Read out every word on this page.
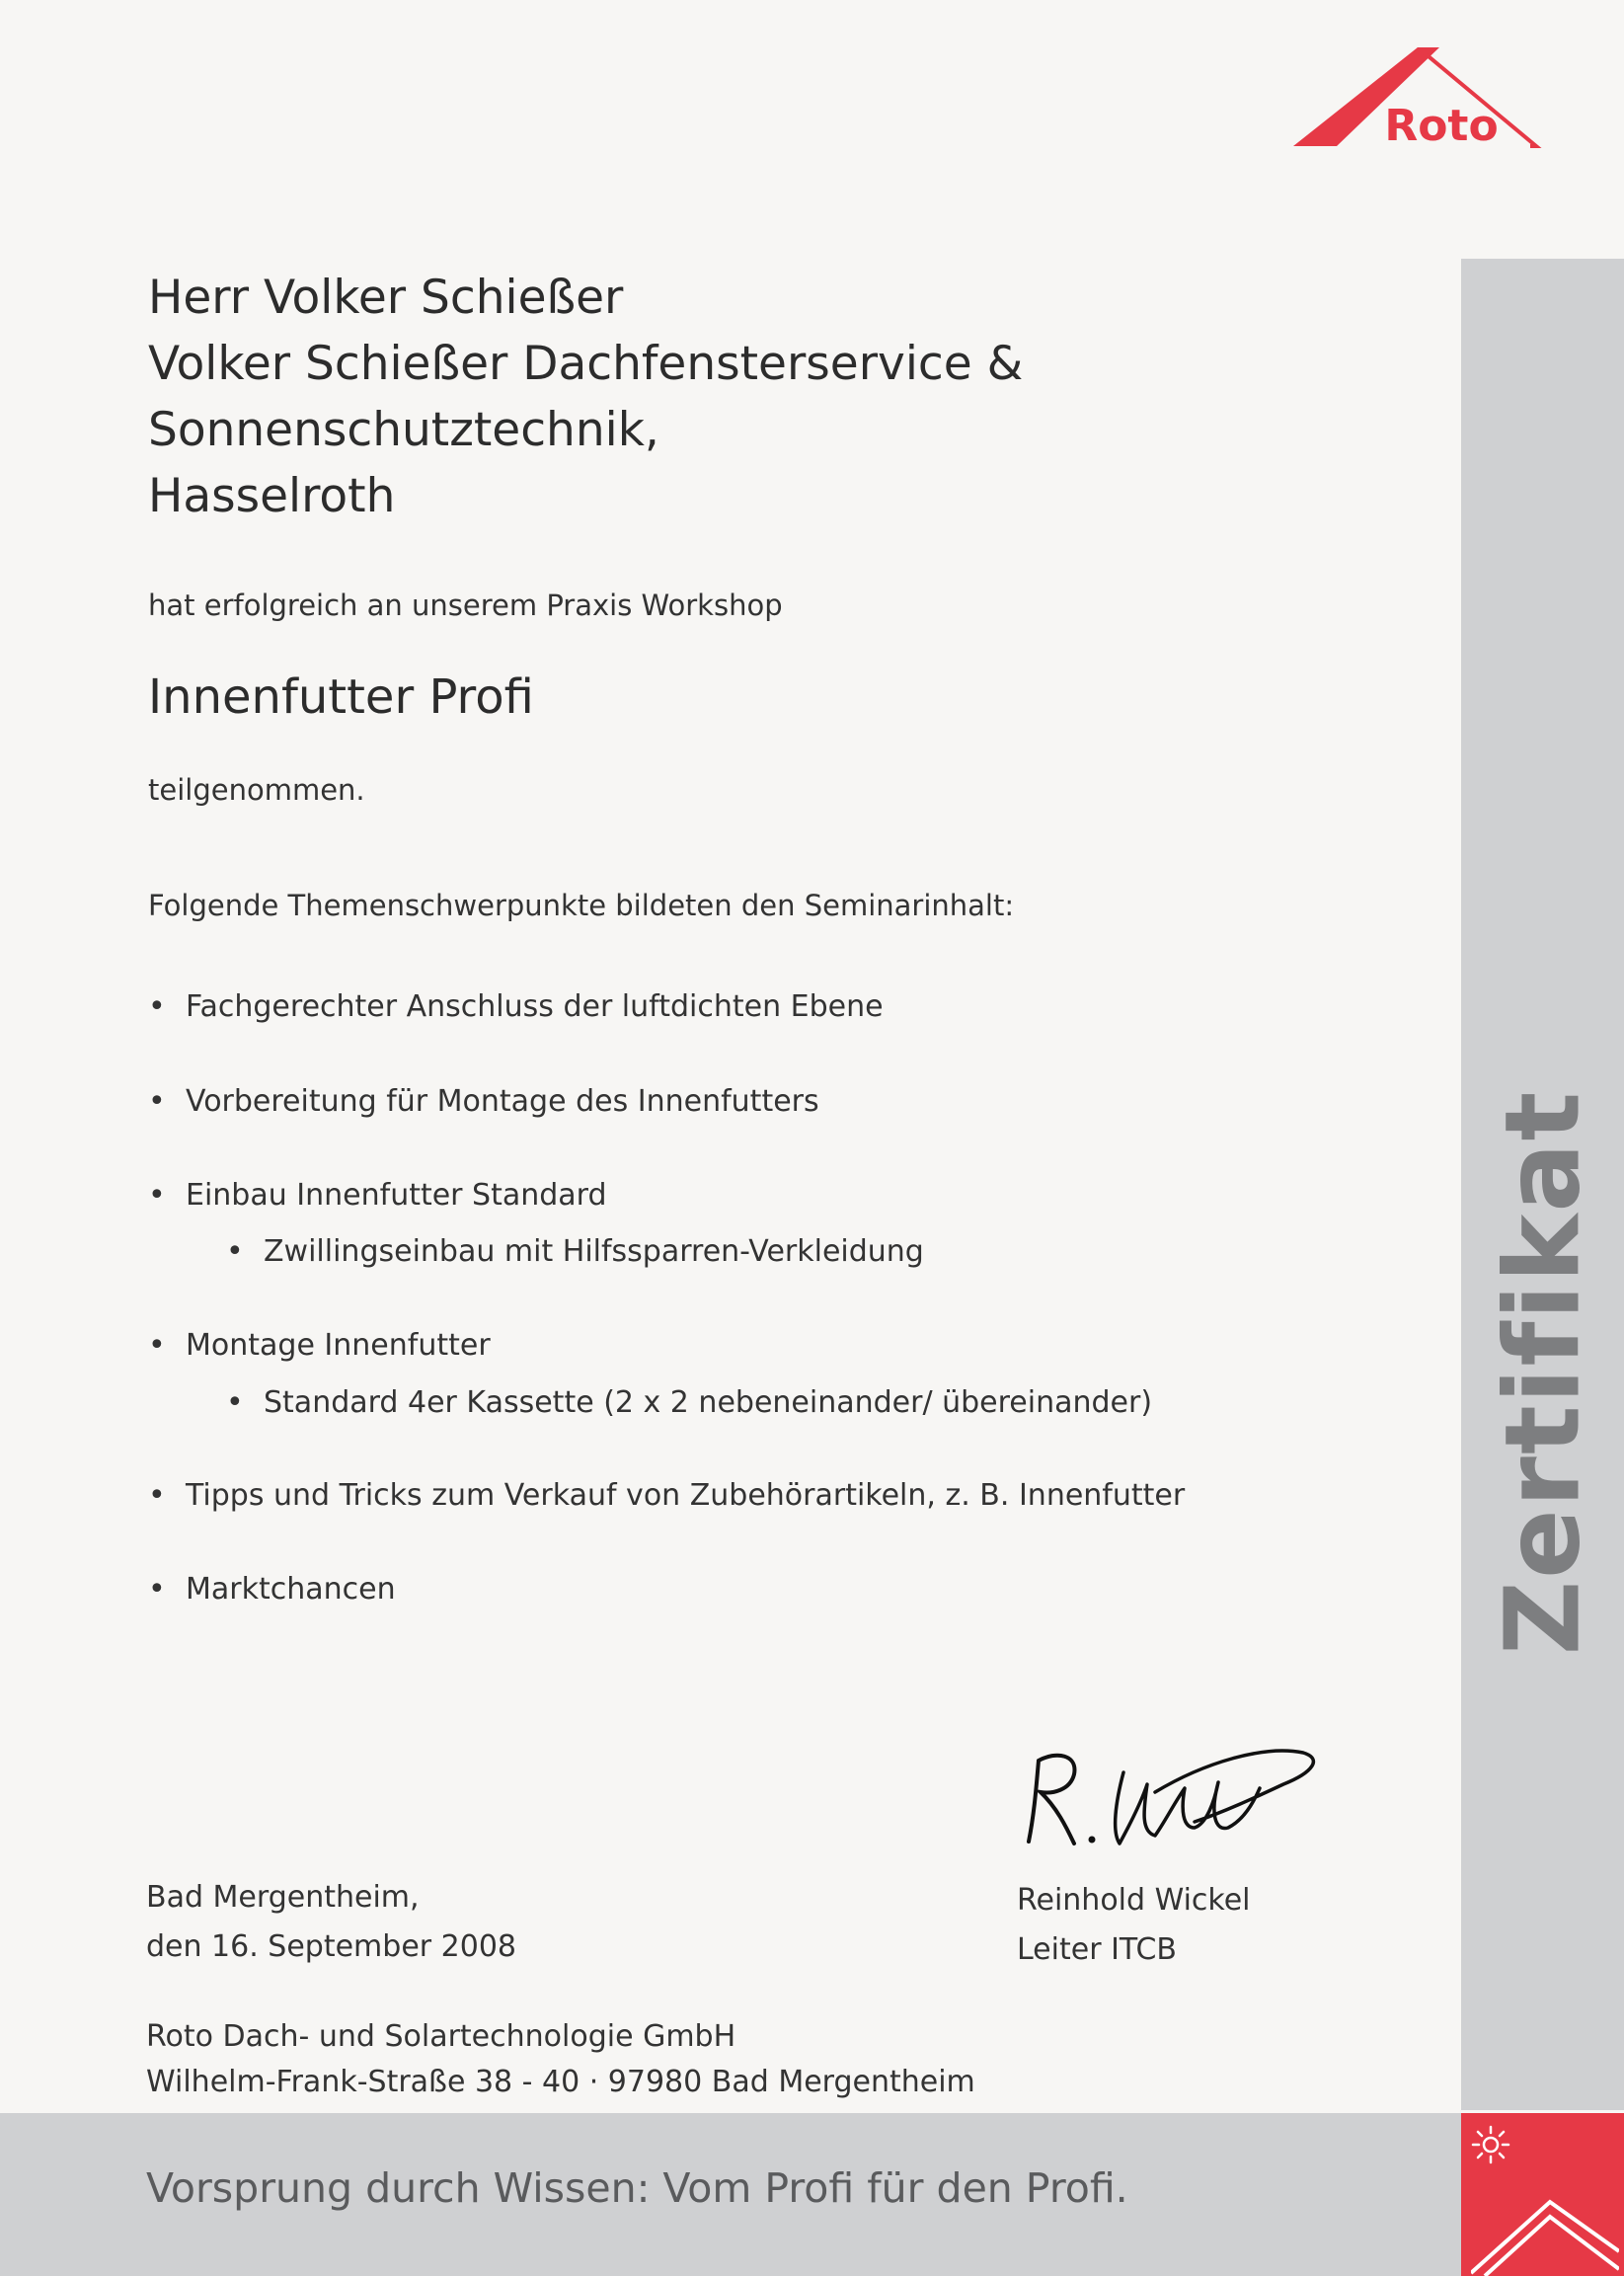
Roto
Zertifikat
Herr Volker Schießer
Volker Schießer Dachfensterservice &
Sonnenschutztechnik,
Hasselroth
hat erfolgreich an unserem Praxis Workshop
Innenfutter Profi
teilgenommen.
Folgende Themenschwerpunkte bildeten den Seminarinhalt:
• Fachgerechter Anschluss der luftdichten Ebene
• Vorbereitung für Montage des Innenfutters
• Einbau Innenfutter Standard
• Zwillingseinbau mit Hilfssparren-Verkleidung
• Montage Innenfutter
• Standard 4er Kassette (2 x 2 nebeneinander/ übereinander)
• Tipps und Tricks zum Verkauf von Zubehörartikeln, z. B. Innenfutter
• Marktchancen
Bad Mergentheim,
den 16. September 2008
Reinhold Wickel
Leiter ITCB
Roto Dach- und Solartechnologie GmbH
Wilhelm-Frank-Straße 38 - 40 · 97980 Bad Mergentheim
Vorsprung durch Wissen: Vom Profi für den Profi.
